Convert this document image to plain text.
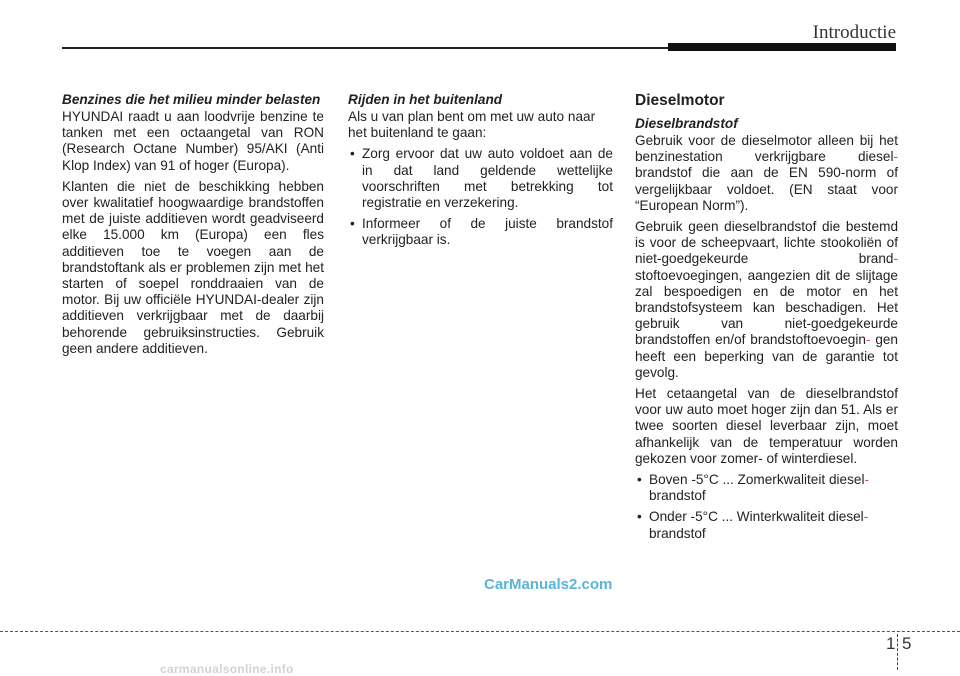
Introductie
Benzines die het milieu minder belasten

HYUNDAI raadt u aan loodvrije benzine te tanken met een octaangetal van RON (Research Octane Number) 95/AKI (Anti Klop Index) van 91 of hoger (Europa).

Klanten die niet de beschikking hebben over kwalitatief hoogwaardige brandstoffen met de juiste additieven wordt geadviseerd elke 15.000 km (Europa) een fles additieven toe te voegen aan de brandstoftank als er problemen zijn met het starten of soepel ronddraaien van de motor. Bij uw officiële HYUNDAI-dealer zijn additieven verkrijgbaar met de daarbij behorende gebruiksinstructies. Gebruik geen andere additieven.

Rijden in het buitenland

Als u van plan bent om met uw auto naar het buitenland te gaan:

• Zorg ervoor dat uw auto voldoet aan de in dat land geldende wettelijke voorschriften met betrekking tot registratie en verzekering.
• Informeer of de juiste brandstof verkrijgbaar is.
Dieselmotor
Dieselbrandstof

Gebruik voor de dieselmotor alleen bij het benzinestation verkrijgbare diesel- brandstof die aan de EN 590-norm of vergelijkbaar voldoet. (EN staat voor “European Norm”).

Gebruik geen dieselbrandstof die bestemd is voor de scheepvaart, lichte stookoliën of niet-goedgekeurde brand- stoftoevoegingen, aangezien dit de slijtage zal bespoedigen en de motor en het brandstofsysteem kan beschadigen. Het gebruik van niet-goedgekeurde brandstoffen en/of brandstoftoevoegin- gen heeft een beperking van de garantie tot gevolg.

Het cetaangetal van de dieselbrandstof voor uw auto moet hoger zijn dan 51. Als er twee soorten diesel leverbaar zijn, moet afhankelijk van de temperatuur worden gekozen voor zomer- of winterdiesel.

• Boven -5°C ... Zomerkwaliteit diesel-
brandstof
• Onder -5°C ... Winterkwaliteit diesel-
brandstof
CarManuals2.com
1 5
carmanualsonline.info
